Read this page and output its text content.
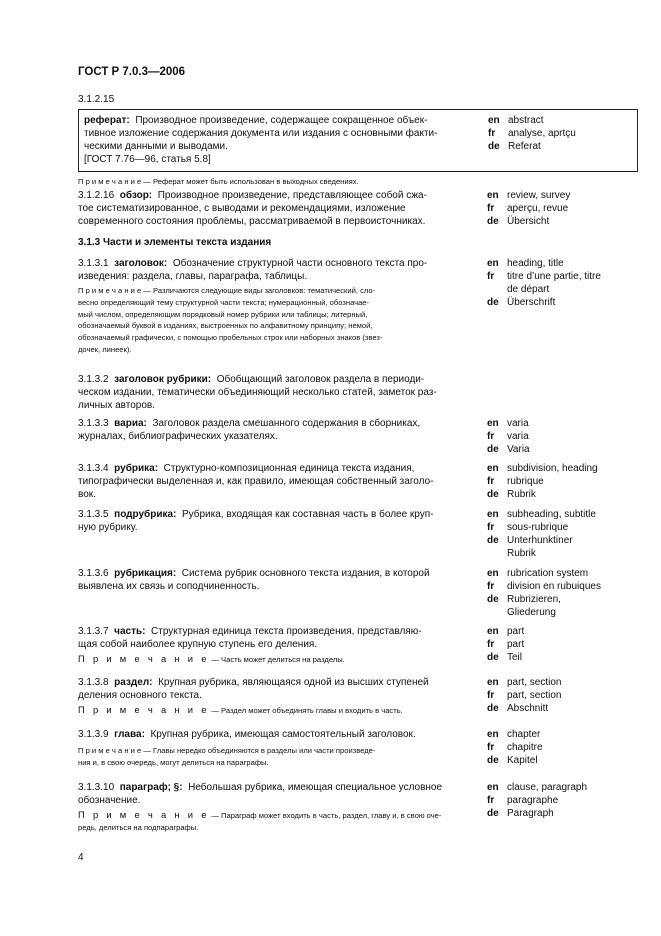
ГОСТ Р 7.0.3—2006
3.1.2.15
реферат: Производное произведение, содержащее сокращенное объек-
тивное изложение содержания документа или издания с основными факти-
ческими данными и выводами.
[ГОСТ 7.76—96, статья 5.8]
en abstract
fr	analyse, aprtçu
de Referat
П р и м е ч а н и е — Реферат может быть использован в выходных сведениях.
3.1.2.16 обзор: Производное произведение, представляющее собой сжа-
тое систематизированное, с выводами и рекомендациями, изложение
современного состояния проблемы, рассматриваемой в первоисточниках.
en review, survey
fr	aperçu, revue
de Übersicht
3.1.3 Части и элементы текста издания
3.1.3.1 заголовок: Обозначение структурной части основного текста про-
изведения: раздела, главы, параграфа, таблицы.
П р и м е ч а н и е — Различаются следующие виды заголовков: тематический, сло-
весно определяющий тему структурной части текста; нумерационный, обозначае-
мый числом, определяющим порядковый номер рубрики или таблицы; литерный,
обозначаемый буквой в изданиях, выстроенных по алфавитному принципу; немой,
обозначаемый графически, с помощью пробельных строк или наборных знаков (звез-
дочек, линеек).
en heading, title
fr	titre d’une partie, titre
de départ
de Überschrift
3.1.3.2 заголовок рубрики: Обобщающий заголовок раздела в периоди-
ческом издании, тематически объединяющий несколько статей, заметок раз-
личных авторов.
3.1.3.3 вариа: Заголовок раздела смешанного содержания в сборниках,
журналах, библиографических указателях.
en varia
fr	varia
de Varia
3.1.3.4 рубрика: Структурно-композиционная единица текста издания,
типографически выделенная и, как правило, имеющая собственный заголо-
вок.
en subdivision, heading
fr	rubrique
de Rubrik
3.1.3.5 подрубрика: Рубрика, входящая как составная часть в более круп-
ную рубрику.
en subheading, subtitle
fr	sous-rubrique
de Unterhunktiner
Rubrik
3.1.3.6 рубрикация: Система рубрик основного текста издания, в которой
выявлена их связь и соподчиненность.
en rubrication system
fr	division en rubuiques
de Rubrizieren,
Gliederung
3.1.3.7 часть: Структурная единица текста произведения, представляю-
щая собой наиболее крупную ступень его деления.
П р и м е ч а н и е — Часть может делиться на разделы.
en part
fr	part
de Teil
3.1.3.8 раздел: Крупная рубрика, являющаяся одной из высших ступеней
деления основного текста.
П р и м е ч а н и е — Раздел может объединять главы и входить в часть.
en part, section
fr	part, section
de Abschnitt
3.1.3.9 глава: Крупная рубрика, имеющая самостоятельный заголовок.
П р и м е ч а н и е — Главы нередко объединяются в разделы или части произведе-
ния и, в свою очередь, могут делиться на параграфы.
en chapter
fr	chapitre
de Kapitel
3.1.3.10 параграф; §: Небольшая рубрика, имеющая специальное условное
обозначение.
П р и м е ч а н и е — Параграф может входить в часть, раздел, главу и, в свою оче-
редь, делиться на подпараграфы.
en clause, paragraph
fr	paragraphe
de Paragraph
4
